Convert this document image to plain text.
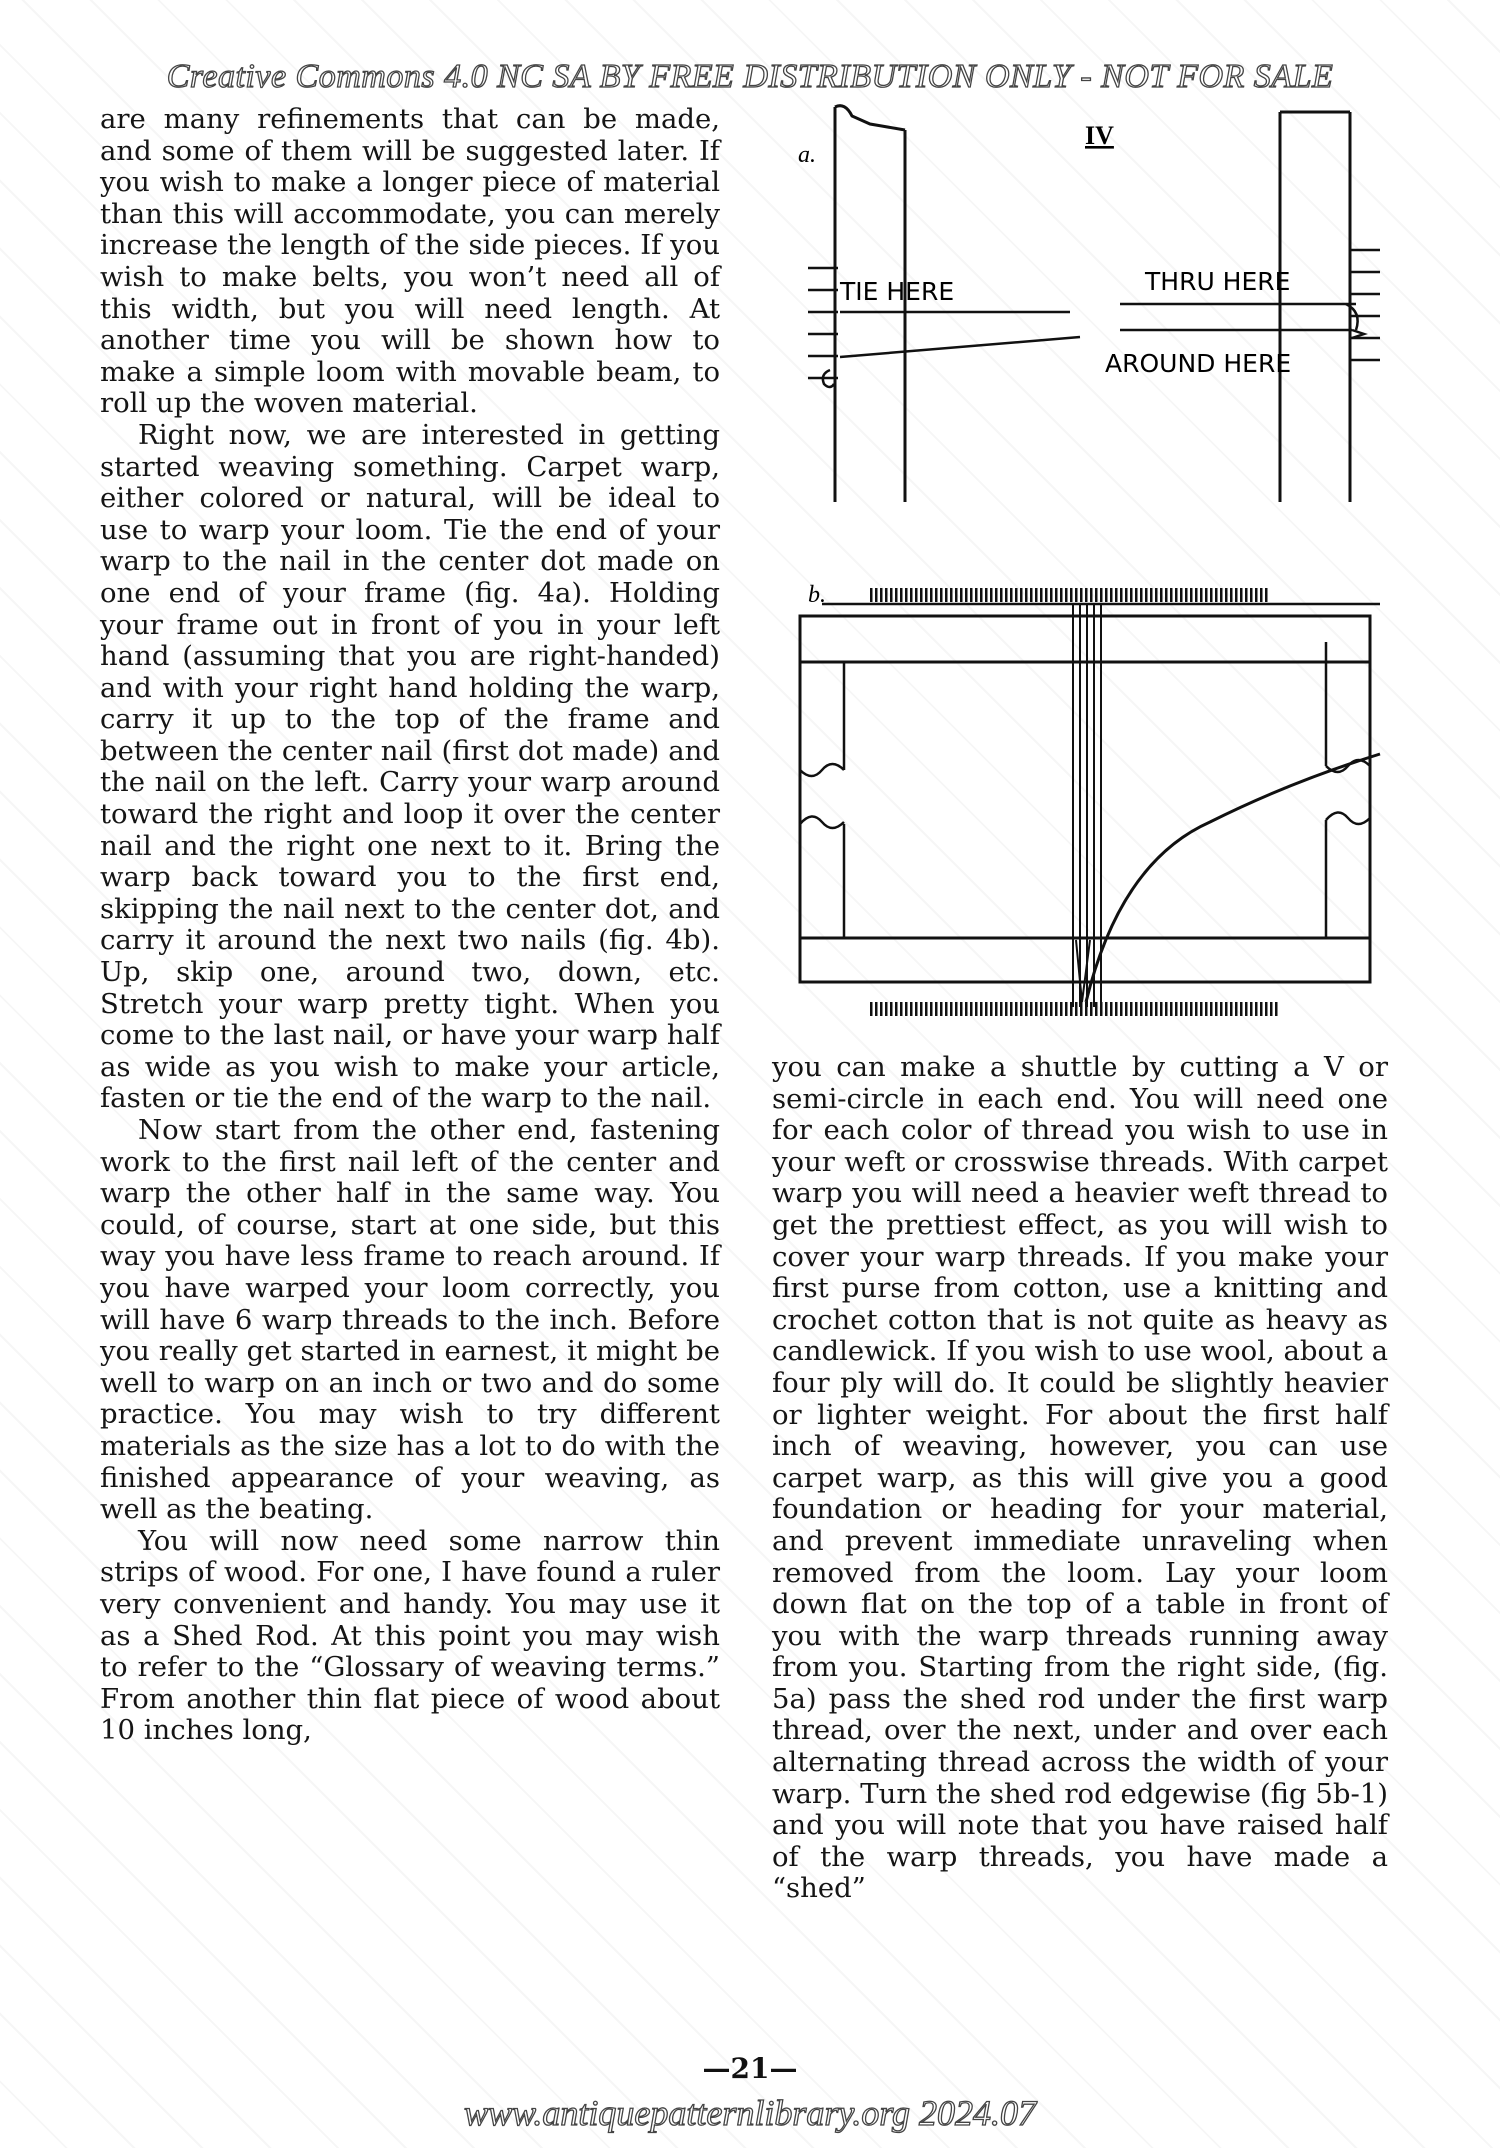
Creative Commons 4.0 NC SA BY FREE DISTRIBUTION ONLY - NOT FOR SALE

are many refinements that can be made, and some of them will be suggested later. If you wish to make a longer piece of material than this will accommodate, you can merely increase the length of the side pieces. If you wish to make belts, you won’t need all of this width, but you will need length. At another time you will be shown how to make a simple loom with movable beam, to roll up the woven material.

Right now, we are interested in getting started weaving something. Carpet warp, either colored or natural, will be ideal to use to warp your loom. Tie the end of your warp to the nail in the center dot made on one end of your frame (fig. 4a). Holding your frame out in front of you in your left hand (assuming that you are right-handed) and with your right hand holding the warp, carry it up to the top of the frame and between the center nail (first dot made) and the nail on the left. Carry your warp around toward the right and loop it over the center nail and the right one next to it. Bring the warp back toward you to the first end, skipping the nail next to the center dot, and carry it around the next two nails (fig. 4b). Up, skip one, around two, down, etc. Stretch your warp pretty tight. When you come to the last nail, or have your warp half as wide as you wish to make your article, fasten or tie the end of the warp to the nail.

Now start from the other end, fastening work to the first nail left of the center and warp the other half in the same way. You could, of course, start at one side, but this way you have less frame to reach around. If you have warped your loom correctly, you will have 6 warp threads to the inch. Before you really get started in earnest, it might be well to warp on an inch or two and do some practice. You may wish to try different materials as the size has a lot to do with the finished appearance of your weaving, as well as the beating.

You will now need some narrow thin strips of wood. For one, I have found a ruler very convenient and handy. You may use it as a Shed Rod. At this point you may wish to refer to the “Glossary of weaving terms.” From another thin flat piece of wood about 10 inches long,

a.
IV
TIE HERE	THRU HERE
AROUND HERE
b.

you can make a shuttle by cutting a V or semi-circle in each end. You will need one for each color of thread you wish to use in your weft or crosswise threads. With carpet warp you will need a heavier weft thread to get the prettiest effect, as you will wish to cover your warp threads. If you make your first purse from cotton, use a knitting and crochet cotton that is not quite as heavy as candlewick. If you wish to use wool, about a four ply will do. It could be slightly heavier or lighter weight. For about the first half inch of weaving, however, you can use carpet warp, as this will give you a good foundation or heading for your material, and prevent immediate unraveling when removed from the loom. Lay your loom down flat on the top of a table in front of you with the warp threads running away from you. Starting from the right side, (fig. 5a) pass the shed rod under the first warp thread, over the next, under and over each alternating thread across the width of your warp. Turn the shed rod edgewise (fig 5b-1) and you will note that you have raised half of the warp threads, you have made a “shed”

—21—
www.antiquepatternlibrary.org 2024.07
